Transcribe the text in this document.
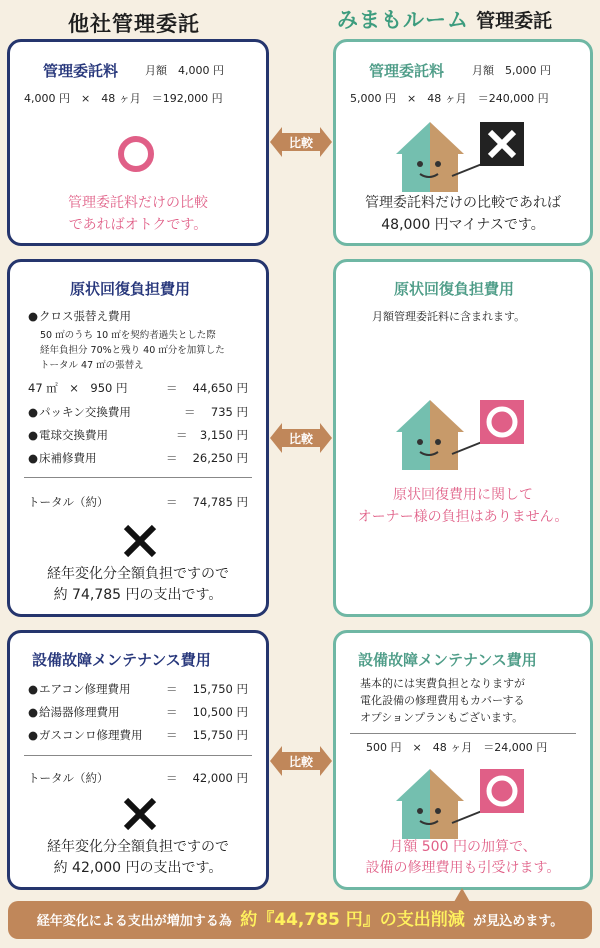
他社管理委託	みまもルーム 管理委託
管理委託料 月額　4,000 円
4,000 円　×　48 ヶ月　＝192,000 円
管理委託料だけの比較
であればオトクです。
比較
管理委託料	月額　5,000 円
5,000 円　×　48 ヶ月　＝240,000 円
管理委託料だけの比較であれば
48,000 円マイナスです。
原状回復負担費用
● クロス張替え費用
50 ㎡のうち 10 ㎡を契約者過失とした際
経年負担分 70%と残り 40 ㎡分を加算した
トータル 47 ㎡の張替え
47 ㎡　×　950 円	＝ 44,650 円
● パッキン交換費用	＝ 735 円
● 電球交換費用	＝ 3,150 円
● 床補修費用	＝ 26,250 円
トータル（約）	＝ 74,785 円
経年変化分全額負担ですので
約 74,785 円の支出です。
比較
原状回復負担費用
月額管理委託料に含まれます。
原状回復費用に関して
オーナー様の負担はありません。
設備故障メンテナンス費用
● エアコン修理費用	＝ 15,750 円
● 給湯器修理費用	＝ 10,500 円
● ガスコンロ修理費用 ＝ 15,750 円
トータル（約）	＝ 42,000 円
経年変化分全額負担ですので
約 42,000 円の支出です。
比較
設備故障メンテナンス費用
基本的には実費負担となりますが
電化設備の修理費用もカバーする
オプションプランもございます。
500 円　×　48 ヶ月　＝24,000 円
月額 500 円の加算で、
設備の修理費用も引受けます。
経年変化による支出が増加する為 約『44,785 円』の支出削減 が見込めます。
